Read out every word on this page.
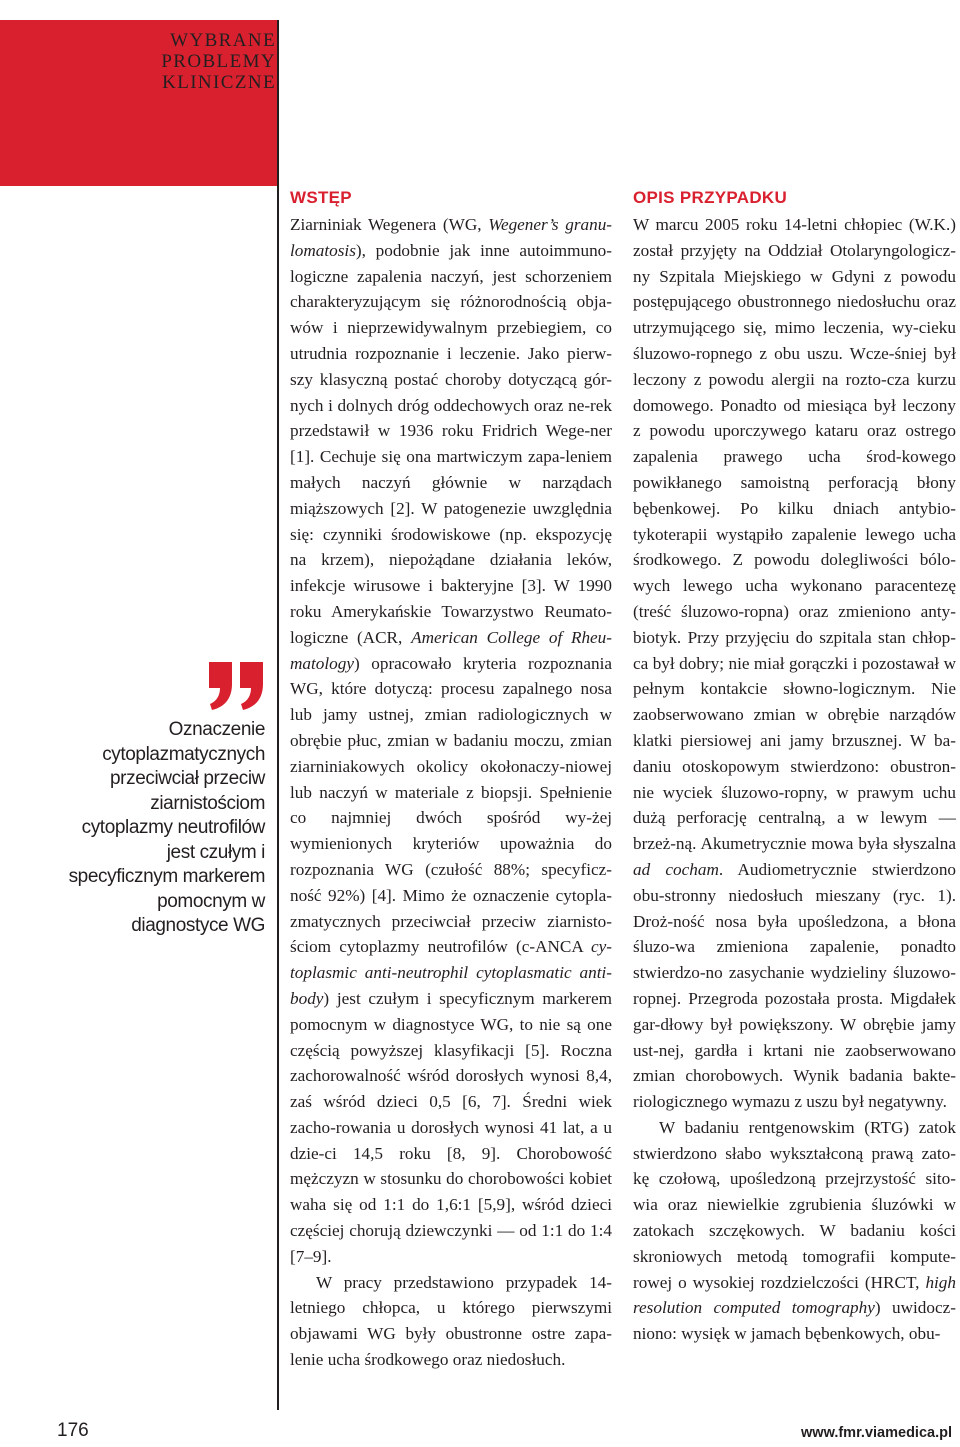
WYBRANE
PROBLEMY
KLINICZNE
Oznaczenie cytoplazmatycznych przeciwciał przeciw ziarnistościom cytoplazmy neutrofilów jest czułym i specyficznym markerem pomocnym w diagnostyce WG
WSTĘP

Ziarniniak Wegenera (WG, Wegener’s granu-lomatosis), podobnie jak inne autoimmuno-logiczne zapalenia naczyń, jest schorzeniem charakteryzującym się różnorodnością obja-wów i nieprzewidywalnym przebiegiem, co utrudnia rozpoznanie i leczenie. Jako pierw-szy klasyczną postać choroby dotyczącą gór-nych i dolnych dróg oddechowych oraz ne-rek przedstawił w 1936 roku Fridrich Wege-ner [1]. Cechuje się ona martwiczym zapa-leniem małych naczyń głównie w narządach miąższowych [2]. W patogenezie uwzględnia się: czynniki środowiskowe (np. ekspozycję na krzem), niepożądane działania leków, infekcje wirusowe i bakteryjne [3]. W 1990 roku Amerykańskie Towarzystwo Reumato-logiczne (ACR, American College of Rheu-matology) opracowało kryteria rozpoznania WG, które dotyczą: procesu zapalnego nosa lub jamy ustnej, zmian radiologicznych w obrębie płuc, zmian w badaniu moczu, zmian ziarniniakowych okolicy okołonaczy-niowej lub naczyń w materiale z biopsji. Spełnienie co najmniej dwóch spośród wy-żej wymienionych kryteriów upoważnia do rozpoznania WG (czułość 88%; specyficz-ność 92%) [4]. Mimo że oznaczenie cytopla-zmatycznych przeciwciał przeciw ziarnisto-ściom cytoplazmy neutrofilów (c-ANCA cy-toplasmic anti-neutrophil cytoplasmatic anti-body) jest czułym i specyficznym markerem pomocnym w diagnostyce WG, to nie są one częścią powyższej klasyfikacji [5]. Roczna zachorowalność wśród dorosłych wynosi 8,4, zaś wśród dzieci 0,5 [6, 7]. Średni wiek zacho-rowania u dorosłych wynosi 41 lat, a u dzie-ci 14,5 roku [8, 9]. Chorobowość mężczyzn w stosunku do chorobowości kobiet waha się od 1:1 do 1,6:1 [5,9], wśród dzieci częściej chorują dziewczynki — od 1:1 do 1:4 [7–9].

W pracy przedstawiono przypadek 14-letniego chłopca, u którego pierwszymi objawami WG były obustronne ostre zapa-lenie ucha środkowego oraz niedosłuch.

OPIS PRZYPADKU

W marcu 2005 roku 14-letni chłopiec (W.K.) został przyjęty na Oddział Otolaryngologicz-ny Szpitala Miejskiego w Gdyni z powodu postępującego obustronnego niedosłuchu oraz utrzymującego się, mimo leczenia, wy-cieku śluzowo-ropnego z obu uszu. Wcze-śniej był leczony z powodu alergii na rozto-cza kurzu domowego. Ponadto od miesiąca był leczony z powodu uporczywego kataru oraz ostrego zapalenia prawego ucha środ-kowego powikłanego samoistną perforacją błony bębenkowej. Po kilku dniach antybio-tykoterapii wystąpiło zapalenie lewego ucha środkowego. Z powodu dolegliwości bólo-wych lewego ucha wykonano paracentezę (treść śluzowo-ropna) oraz zmieniono anty-biotyk. Przy przyjęciu do szpitala stan chłop-ca był dobry; nie miał gorączki i pozostawał w pełnym kontakcie słowno-logicznym. Nie zaobserwowano zmian w obrębie narządów klatki piersiowej ani jamy brzusznej. W ba-daniu otoskopowym stwierdzono: obustron-nie wyciek śluzowo-ropny, w prawym uchu dużą perforację centralną, a w lewym — brzeż-ną. Akumetrycznie mowa była słyszalna ad cocham. Audiometrycznie stwierdzono obu-stronny niedosłuch mieszany (ryc. 1). Droż-ność nosa była upośledzona, a błona śluzo-wa zmieniona zapalenie, ponadto stwierdzo-no zasychanie wydzieliny śluzowo-ropnej. Przegroda pozostała prosta. Migdałek gar-dłowy był powiększony. W obrębie jamy ust-nej, gardła i krtani nie zaobserwowano zmian chorobowych. Wynik badania bakte-riologicznego wymazu z uszu był negatywny.

W badaniu rentgenowskim (RTG) zatok stwierdzono słabo wykształconą prawą zato-kę czołową, upośledzoną przejrzystość sito-wia oraz niewielkie zgrubienia śluzówki w zatokach szczękowych. W badaniu kości skroniowych metodą tomografii kompute-rowej o wysokiej rozdzielczości (HRCT, high resolution computed tomography) uwidocz-niono: wysięk w jamach bębenkowych, obu-

176	www.fmr.viamedica.pl
